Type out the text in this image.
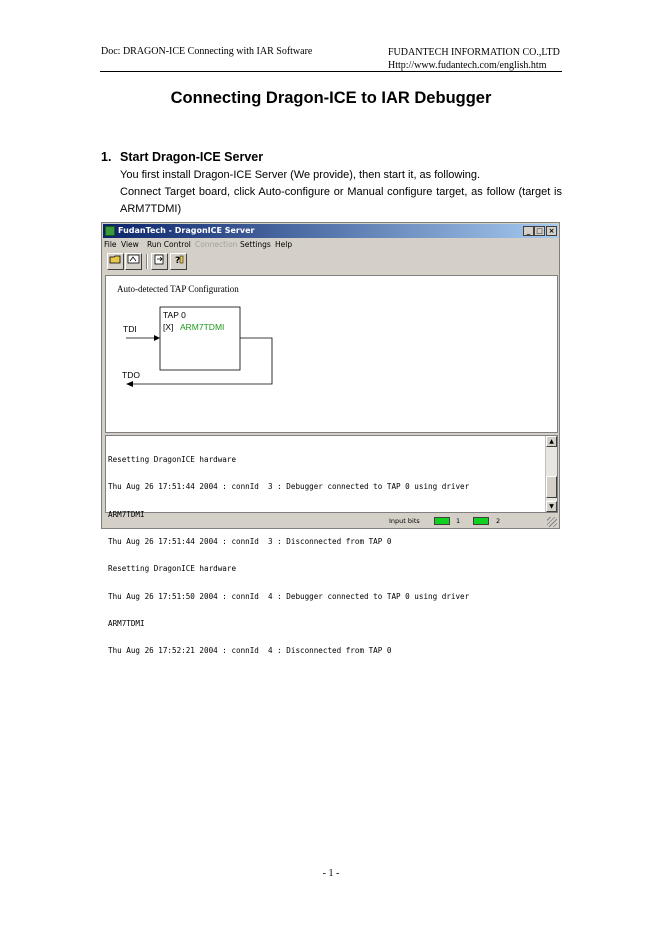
Doc: DRAGON-ICE Connecting with IAR Software	FUDANTECH INFORMATION CO.,LTD
Http://www.fudantech.com/english.htm
Connecting Dragon-ICE to IAR Debugger
1. Start Dragon-ICE Server
You first install Dragon-ICE Server (We provide), then start it, as following.
Connect Target board, click Auto-configure or Manual configure target, as follow (target is ARM7TDMI)
FudanTech - DragonICE Server	_ □ ×
File View Run Control Connection Settings Help
?
Auto-detected TAP Configuration
TAP 0
[X] ARM7TDMI
TDI
TDO

Resetting DragonICE hardware

Thu Aug 26 17:51:44 2004 : connId  3 : Debugger connected to TAP 0 using driver

ARM7TDMI

Thu Aug 26 17:51:44 2004 : connId  3 : Disconnected from TAP 0

Resetting DragonICE hardware

Thu Aug 26 17:51:50 2004 : connId  4 : Debugger connected to TAP 0 using driver

ARM7TDMI

Thu Aug 26 17:52:21 2004 : connId  4 : Disconnected from TAP 0

▲
▼
Input bits	1	2
- 1 -
